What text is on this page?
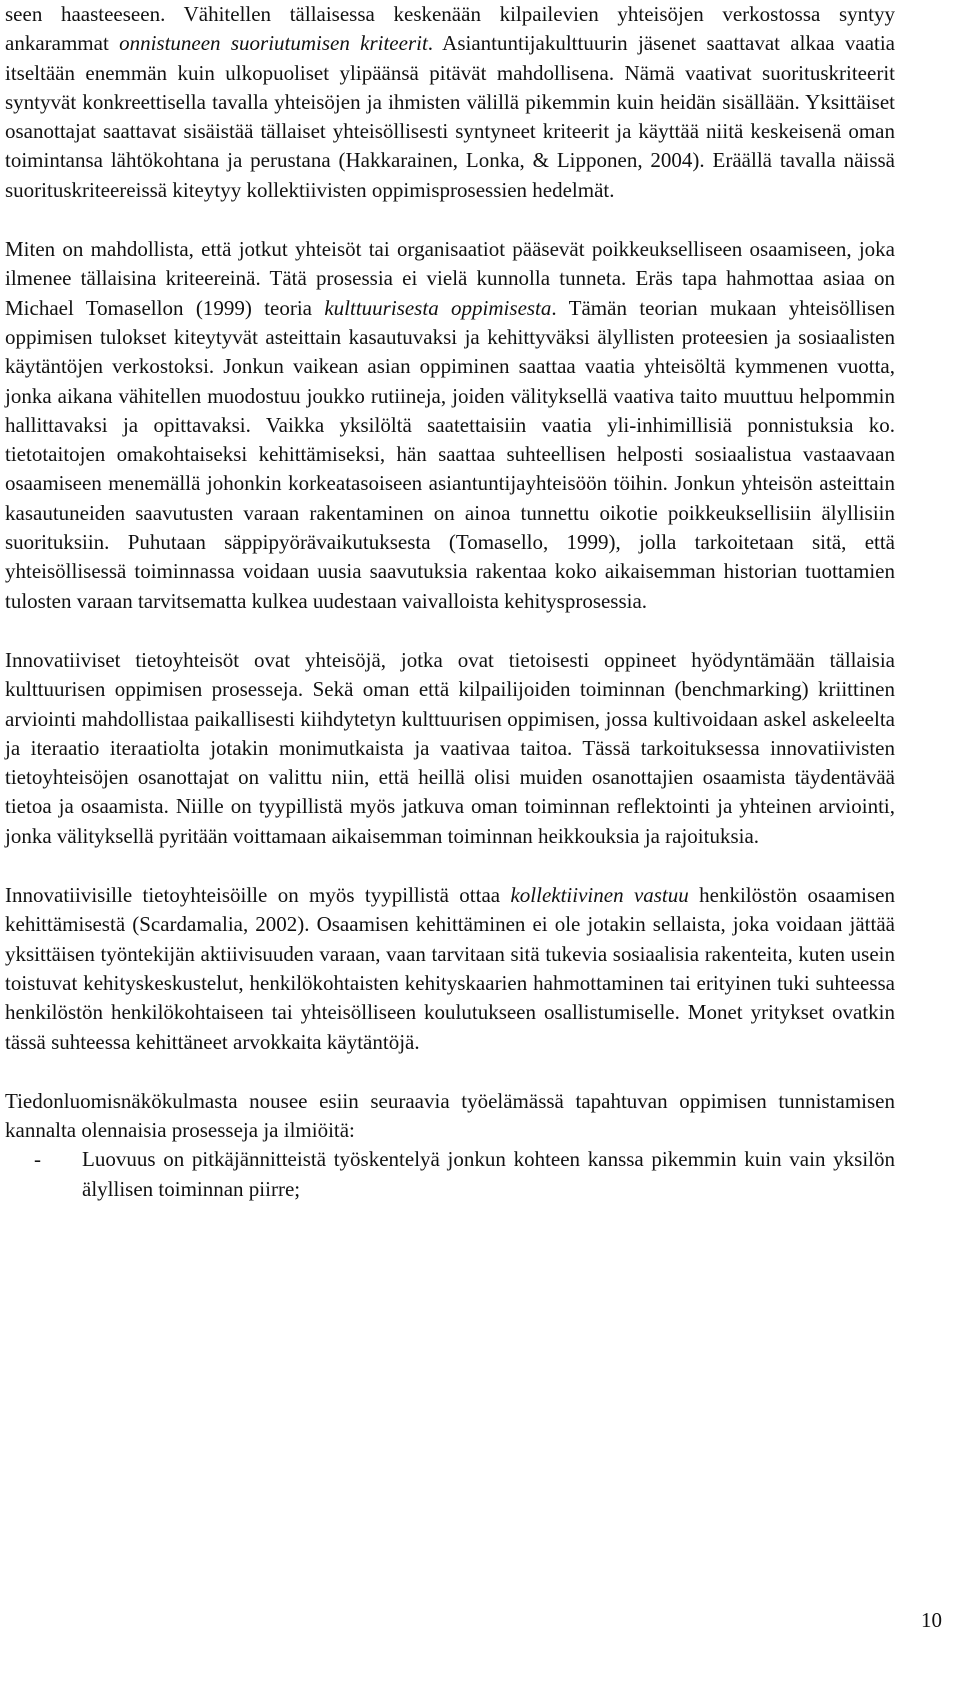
seen haasteeseen. Vähitellen tällaisessa keskenään kilpailevien yhteisöjen verkostossa syntyy ankarammat onnistuneen suoriutumisen kriteerit. Asiantuntijakulttuurin jäsenet saattavat alkaa vaatia itseltään enemmän kuin ulkopuoliset ylipäänsä pitävät mahdollisena. Nämä vaativat suorituskriteerit syntyvät konkreettisella tavalla yhteisöjen ja ihmisten välillä pikemmin kuin heidän sisällään. Yksittäiset osanottajat saattavat sisäistää tällaiset yhteisöllisesti syntyneet kriteerit ja käyttää niitä keskeisenä oman toimintansa lähtökohtana ja perustana (Hakkarainen, Lonka, & Lipponen, 2004). Eräällä tavalla näissä suorituskriteereissä kiteytyy kollektiivisten oppimisprosessien hedelmät.

Miten on mahdollista, että jotkut yhteisöt tai organisaatiot pääsevät poikkeukselliseen osaamiseen, joka ilmenee tällaisina kriteereinä. Tätä prosessia ei vielä kunnolla tunneta. Eräs tapa hahmottaa asiaa on Michael Tomasellon (1999) teoria kulttuurisesta oppimisesta. Tämän teorian mukaan yhteisöllisen oppimisen tulokset kiteytyvät asteittain kasautuvaksi ja kehittyväksi älyllisten proteesien ja sosiaalisten käytäntöjen verkostoksi. Jonkun vaikean asian oppiminen saattaa vaatia yhteisöltä kymmenen vuotta, jonka aikana vähitellen muodostuu joukko rutiineja, joiden välityksellä vaativa taito muuttuu helpommin hallittavaksi ja opittavaksi. Vaikka yksilöltä saatettaisiin vaatia yli-inhimillisiä ponnistuksia ko. tietotaitojen omakohtaiseksi kehittämiseksi, hän saattaa suhteellisen helposti sosiaalistua vastaavaan osaamiseen menemällä johonkin korkeatasoiseen asiantuntijayhteisöön töihin. Jonkun yhteisön asteittain kasautuneiden saavutusten varaan rakentaminen on ainoa tunnettu oikotie poikkeuksellisiin älyllisiin suorituksiin. Puhutaan säppipyörävaikutuksesta (Tomasello, 1999), jolla tarkoitetaan sitä, että yhteisöllisessä toiminnassa voidaan uusia saavutuksia rakentaa koko aikaisemman historian tuottamien tulosten varaan tarvitsematta kulkea uudestaan vaivalloista kehitysprosessia.

Innovatiiviset tietoyhteisöt ovat yhteisöjä, jotka ovat tietoisesti oppineet hyödyntämään tällaisia kulttuurisen oppimisen prosesseja. Sekä oman että kilpailijoiden toiminnan (benchmarking) kriittinen arviointi mahdollistaa paikallisesti kiihdytetyn kulttuurisen oppimisen, jossa kultivoidaan askel askeleelta ja iteraatio iteraatiolta jotakin monimutkaista ja vaativaa taitoa. Tässä tarkoituksessa innovatiivisten tietoyhteisöjen osanottajat on valittu niin, että heillä olisi muiden osanottajien osaamista täydentävää tietoa ja osaamista. Niille on tyypillistä myös jatkuva oman toiminnan reflektointi ja yhteinen arviointi, jonka välityksellä pyritään voittamaan aikaisemman toiminnan heikkouksia ja rajoituksia.

Innovatiivisille tietoyhteisöille on myös tyypillistä ottaa kollektiivinen vastuu henkilöstön osaamisen kehittämisestä (Scardamalia, 2002). Osaamisen kehittäminen ei ole jotakin sellaista, joka voidaan jättää yksittäisen työntekijän aktiivisuuden varaan, vaan tarvitaan sitä tukevia sosiaalisia rakenteita, kuten usein toistuvat kehityskeskustelut, henkilökohtaisten kehityskaarien hahmottaminen tai erityinen tuki suhteessa henkilöstön henkilökohtaiseen tai yhteisölliseen koulutukseen osallistumiselle. Monet yritykset ovatkin tässä suhteessa kehittäneet arvokkaita käytäntöjä.

Tiedonluomisnäkökulmasta nousee esiin seuraavia työelämässä tapahtuvan oppimisen tunnistamisen kannalta olennaisia prosesseja ja ilmiöitä:

- Luovuus on pitkäjännitteistä työskentelyä jonkun kohteen kanssa pikemmin kuin vain yksilön älyllisen toiminnan piirre;
10
